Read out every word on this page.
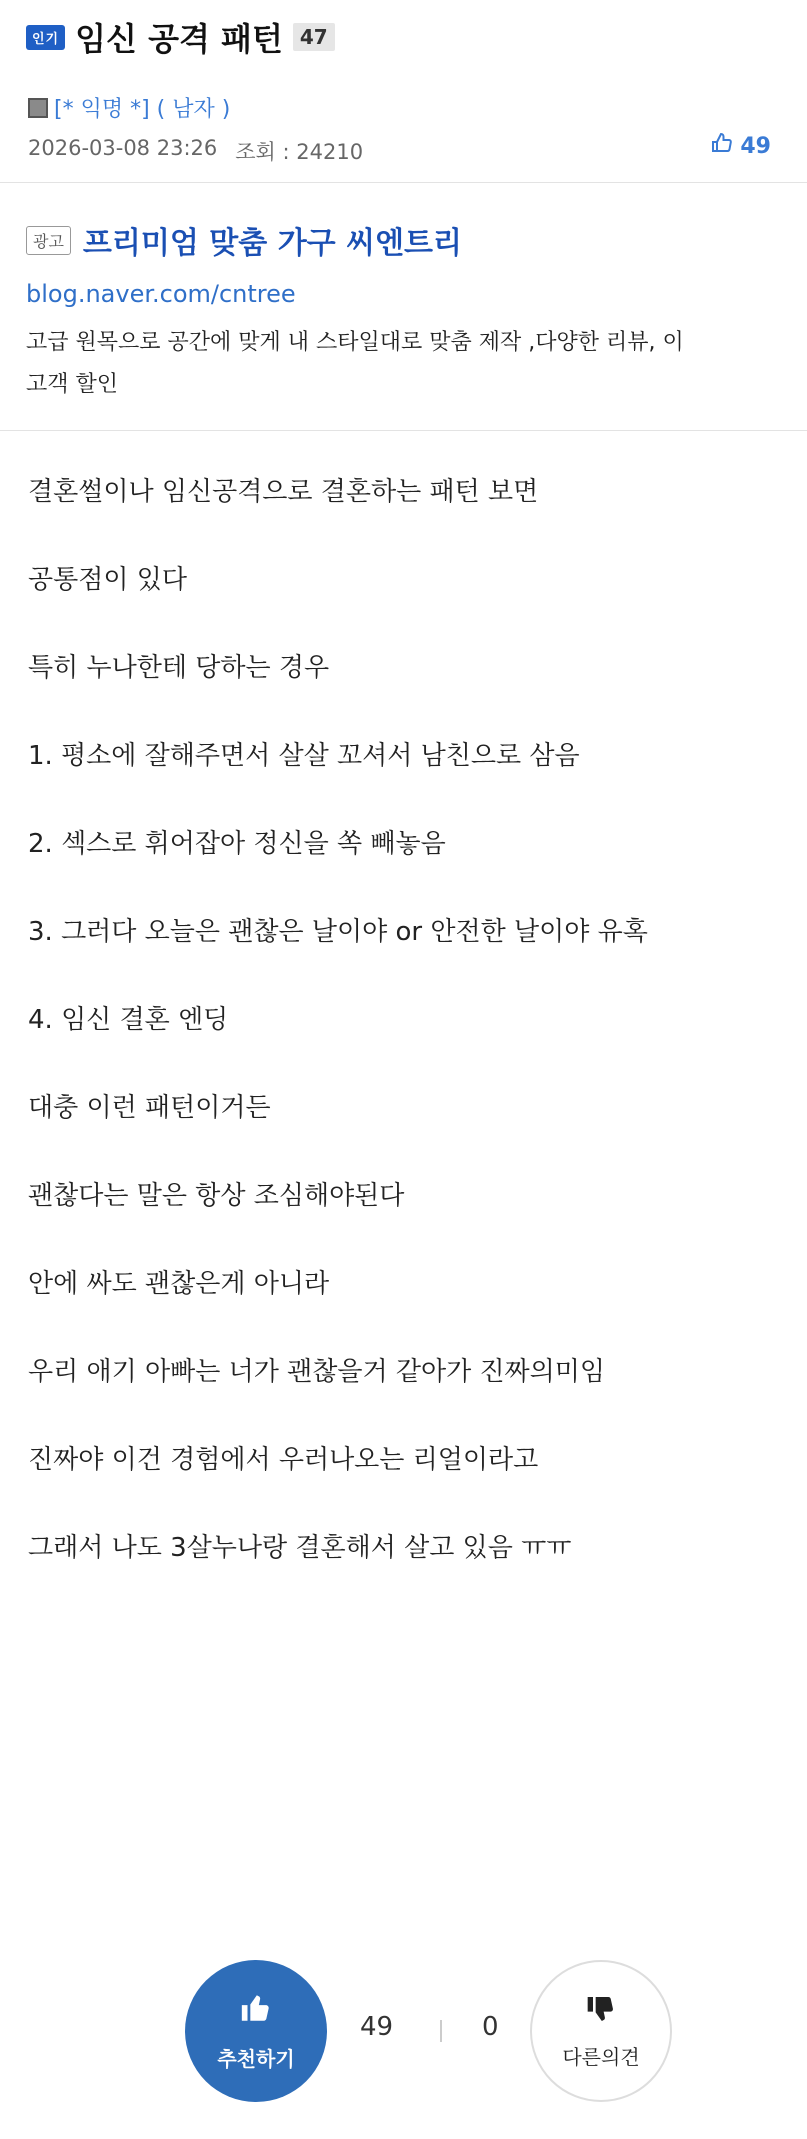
인기 임신 공격 패턴 47
[* 익명 *] ( 남자 )
2026-03-08 23:26 조회 : 24210	49
광고 프리미엄 맞춤 가구 씨엔트리
blog.naver.com/cntree
고급 원목으로 공간에 맞게 내 스타일대로 맞춤 제작 ,다양한 리뷰, 이
고객 할인

결혼썰이나 임신공격으로 결혼하는 패턴 보면

공통점이 있다

특히 누나한테 당하는 경우

1. 평소에 잘해주면서 살살 꼬셔서 남친으로 삼음

2. 섹스로 휘어잡아 정신을 쏙 빼놓음

3. 그러다 오늘은 괜찮은 날이야 or 안전한 날이야 유혹

4. 임신 결혼 엔딩

대충 이런 패턴이거든

괜찮다는 말은 항상 조심해야된다

안에 싸도 괜찮은게 아니라

우리 애기 아빠는 너가 괜찮을거 같아가 진짜의미임

진짜야 이건 경험에서 우러나오는 리얼이라고

그래서 나도 3살누나랑 결혼해서 살고 있음 ㅠㅠ

추천하기
49	0
다른의견
